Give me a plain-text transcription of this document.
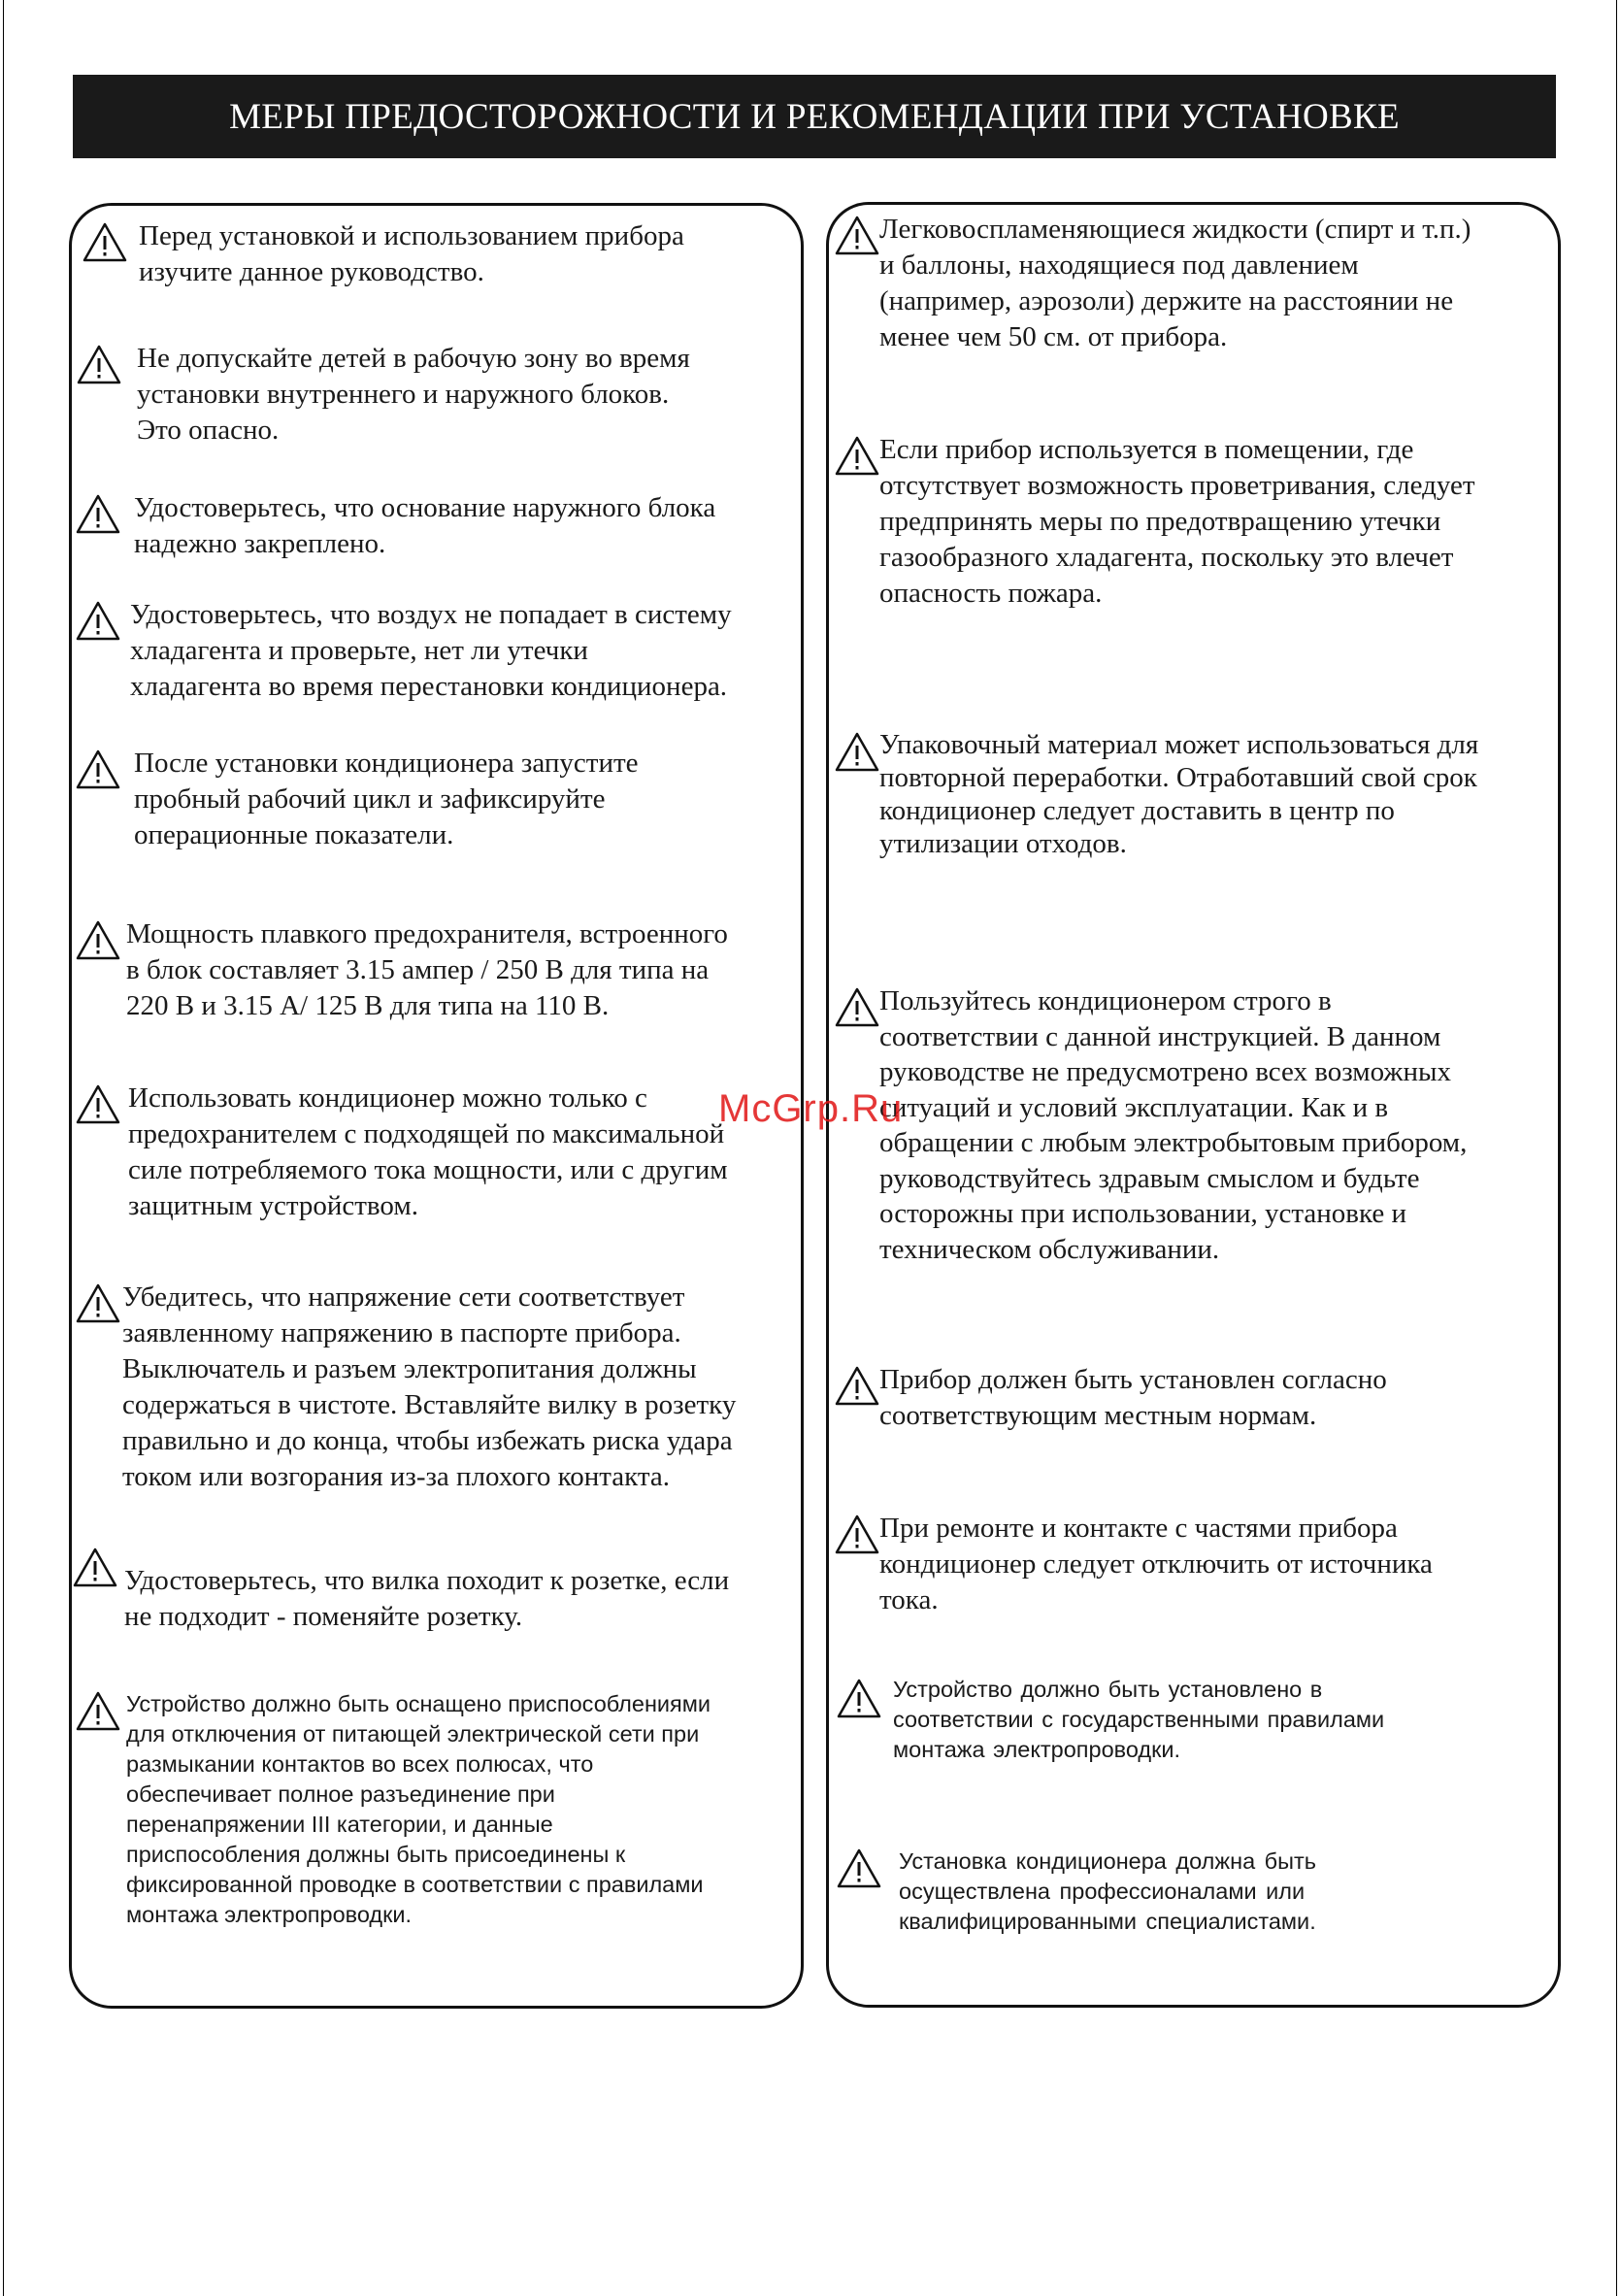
МЕРЫ ПРЕДОСТОРОЖНОСТИ И РЕКОМЕНДАЦИИ ПРИ УСТАНОВКЕ
Перед установкой и использованием прибора
изучите данное руководство.
Не допускайте детей в рабочую зону во время
установки внутреннего и наружного блоков.
Это опасно.
Удостоверьтесь, что основание наружного блока
надежно закреплено.
Удостоверьтесь, что воздух не попадает в систему
хладагента и проверьте, нет ли утечки
хладагента во время перестановки кондиционера.
После установки кондиционера запустите
пробный рабочий цикл и зафиксируйте
операционные показатели.
Мощность плавкого предохранителя, встроенного
в блок составляет 3.15 ампер / 250 В для типа на
220 В и 3.15 А/ 125 В для типа на 110 В.
Использовать кондиционер можно только с
предохранителем с подходящей по максимальной
силе потребляемого тока мощности, или с другим
защитным устройством.
Убедитесь, что напряжение сети соответствует
заявленному напряжению в паспорте прибора.
Выключатель и разъем электропитания должны
содержаться в чистоте. Вставляйте вилку в розетку
правильно и до конца, чтобы избежать риска удара
током или возгорания из-за плохого контакта.
Удостоверьтесь, что вилка походит к розетке, если
не подходит - поменяйте розетку.
Устройство должно быть оснащено приспособлениями
для отключения от питающей электрической сети при
размыкании контактов во всех полюсах, что
обеспечивает полное разъединение при
перенапряжении III категории, и данные
приспособления должны быть присоединены к
фиксированной проводке в соответствии с правилами
монтажа электропроводки.
Легковоспламеняющиеся жидкости (спирт и т.п.)
и баллоны, находящиеся под давлением
(например, аэрозоли) держите на расстоянии не
менее чем 50 см. от прибора.
Если прибор используется в помещении, где
отсутствует возможность проветривания, следует
предпринять меры по предотвращению утечки
газообразного хладагента, поскольку это влечет
опасность пожара.
Упаковочный материал может использоваться для
повторной переработки. Отработавший свой срок
кондиционер следует доставить в центр по
утилизации отходов.
Пользуйтесь кондиционером строго в
соответствии с данной инструкцией. В данном
руководстве не предусмотрено всех возможных
ситуаций и условий эксплуатации. Как и в
обращении с любым электробытовым прибором,
руководствуйтесь здравым смыслом и будьте
осторожны при использовании, установке и
техническом обслуживании.
Прибор должен быть установлен согласно
соответствующим местным нормам.
При ремонте и контакте с частями прибора
кондиционер следует отключить от источника
тока.
Устройство должно быть установлено в
соответствии с государственными правилами
монтажа электропроводки.
Установка кондиционера должна быть
осуществлена профессионалами или
квалифицированными специалистами.
McGrp.Ru
